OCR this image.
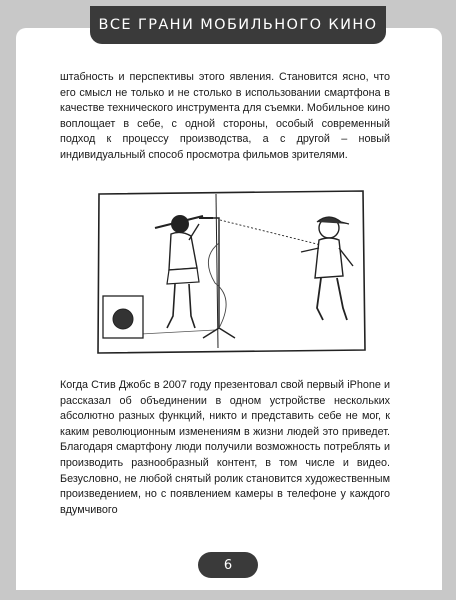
ВСЕ ГРАНИ МОБИЛЬНОГО КИНО

штабность и перспективы этого явления. Становится ясно, что его смысл не только и не столько в использовании смартфона в качестве технического инструмента для съемки. Мобильное кино воплощает в себе, с одной стороны, особый современный подход к процессу производства, а с другой – новый индивидуальный способ просмотра фильмов зрителями.

Когда Стив Джобс в 2007 году презентовал свой первый iPhone и рассказал об объединении в одном устройстве нескольких абсолютно разных функций, никто и представить себе не мог, к каким революционным изменениям в жизни людей это приведет. Благодаря смартфону люди получили возможность потреблять и производить разнообразный контент, в том числе и видео. Безусловно, не любой снятый ролик становится художественным произведением, но с появлением камеры в телефоне у каждого вдумчивого

6
